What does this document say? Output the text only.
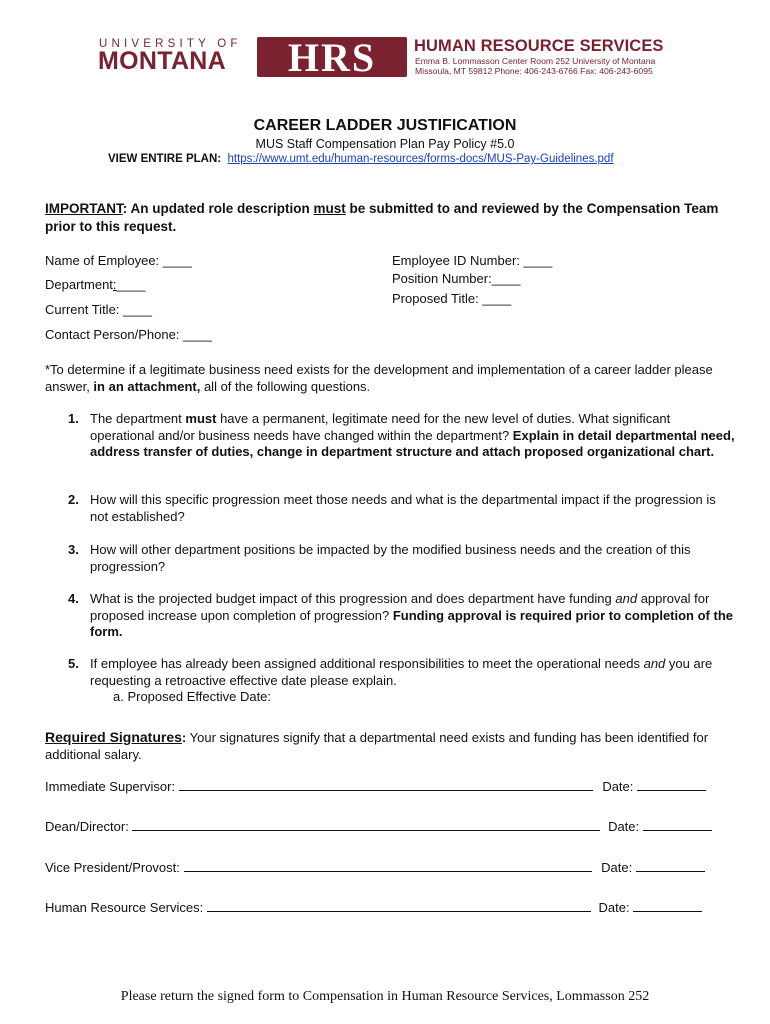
UNIVERSITY OF
MONTANA HRS HUMAN RESOURCE SERVICES
Emma B. Lommasson Center Room 252 University of Montana
Missoula, MT 59812 Phone: 406-243-6766 Fax: 406-243-6095
CAREER LADDER JUSTIFICATION
MUS Staff Compensation Plan Pay Policy #5.0
VIEW ENTIRE PLAN: https://www.umt.edu/human-resources/forms-docs/MUS-Pay-Guidelines.pdf
IMPORTANT: An updated role description must be submitted to and reviewed by the Compensation Team prior to this request.
Name of Employee: ____
Department:____
Current Title: ____
Contact Person/Phone: ____
Employee ID Number: ____
Position Number:____
Proposed Title: ____
*To determine if a legitimate business need exists for the development and implementation of a career ladder please answer, in an attachment, all of the following questions.
1. The department must have a permanent, legitimate need for the new level of duties. What significant operational and/or business needs have changed within the department? Explain in detail departmental need, address transfer of duties, change in department structure and attach proposed organizational chart.
2. How will this specific progression meet those needs and what is the departmental impact if the progression is not established?
3. How will other department positions be impacted by the modified business needs and the creation of this progression?
4. What is the projected budget impact of this progression and does department have funding and approval for proposed increase upon completion of progression? Funding approval is required prior to completion of the form.
5. If employee has already been assigned additional responsibilities to meet the operational needs and you are requesting a retroactive effective date please explain.
a. Proposed Effective Date:
Required Signatures: Your signatures signify that a departmental need exists and funding has been identified for additional salary.
Immediate Supervisor:	Date:
Dean/Director:	Date:
Vice President/Provost:	Date:
Human Resource Services:	Date:
Please return the signed form to Compensation in Human Resource Services, Lommasson 252
